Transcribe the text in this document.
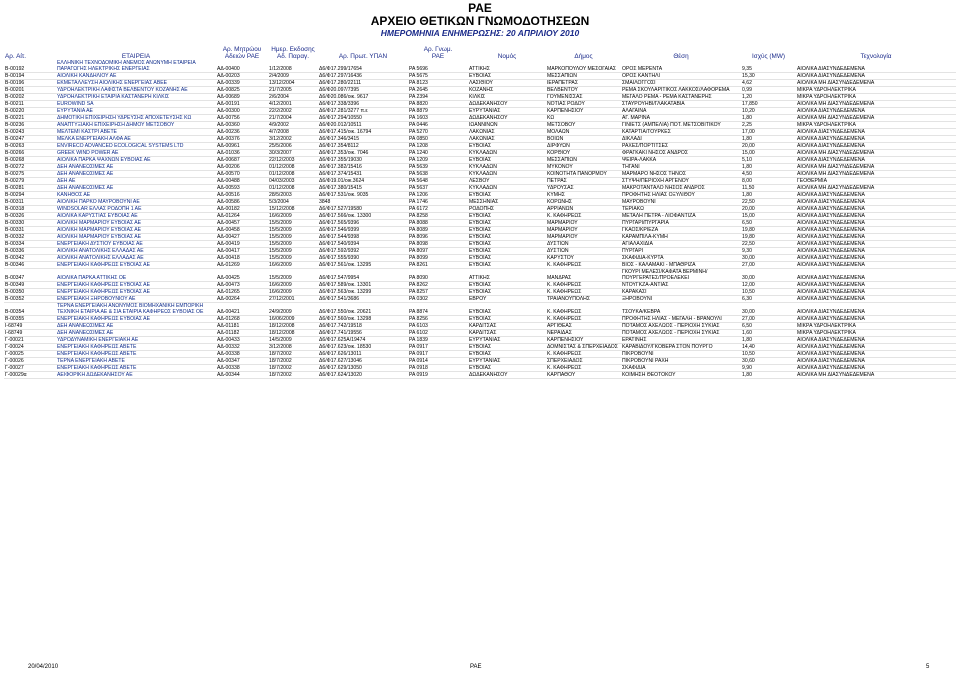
ΡΑΕ
ΑΡΧΕΙΟ ΘΕΤΙΚΩΝ ΓΝΩΜΟΔΟΤΗΣΕΩΝ
ΗΜΕΡΟΜΗΝΙΑ ΕΝΗΜΕΡΩΣΗΣ: 20 ΑΠΡΙΛΙΟΥ 2010
Αρ. Αίτ.	ΕΤΑΙΡΕΙΑ	Αρ. Μητρώου
Αδειών ΡΑΕ	Ημερ. Εκδοσης
Αδ. Παραγ.	Αρ. Πρωτ. ΥΠΑΝ	Αρ. Γνωμ.
ΡΑΕ	Νομός	Δήμος	Θέση	Ισχύς (MW)	Τεχνολογία
Β-00192	ΕΛΛΗΝΙΚΗ ΤΕΧΝΟΔΟΜΙΚΗ ΑΝΕΜΟΣ ΑΝΩΝΥΜΗ ΕΤΑΙΡΕΙΑ ΠΑΡΑΓΩΓΗΣ ΗΛΕΚΤΡΙΚΗΣ ΕΝΕΡΓΕΙΑΣ	ΑΔ-00400	1/12/2008	Δ6/Φ17.299/17654	ΡΑ 5696	ΑΤΤΙΚΗΣ	ΜΑΡΚΟΠΟΥΛΟΥ ΜΕΣΟΓΑΙΑΣ	ΟΡΟΣ ΜΕΡΕΝΤΑ	9,35	ΑΙΟΛΙΚΑ ΔΙΑΣΥΝΔΕΔΕΜΕΝΑ
Β-00194	ΑΙΟΛΙΚΗ ΚΑΝΔΗΛΙΟΥ ΑΕ	ΑΔ-00203	2/4/2009	Δ6/Φ17.297/16436	ΡΑ 5675	ΕΥΒΟΙΑΣ	ΜΕΣΣΑΠΙΩΝ	ΟΡΟΣ ΚΑΝΤΗΛΙ	15,30	ΑΙΟΛΙΚΑ ΔΙΑΣΥΝΔΕΔΕΜΕΝΑ
Β-00196	ΕΚΜΕΤΑΛΛΕΥΣΗ ΑΙΟΛΙΚΗΣ ΕΝΕΡΓΕΙΑΣ ΑΒΕΕ	ΑΔ-00339	13/12/2004	Δ6/Φ17.280/22111	ΡΑ 8123	ΛΑΣΙΘΙΟΥ	ΙΕΡΑΠΕΤΡΑΣ	ΣΜΑΙΛΟΓΓΟΣΙ	4,62	ΑΙΟΛΙΚΑ ΜΗ ΔΙΑΣΥΝΔΕΔΕΜΕΝΑ
Β-00201	ΥΔΡΟΗΛΕΚΤΡΙΚΗ ΛΑΦΙΣΤΑ ΒΕΛΒΕΝΤΟΥ ΚΟΖΑΝΗΣ ΑΕ	ΑΔ-00825	21/7/2005	Δ6/Φ20.097/7395	ΡΑ 2645	ΚΟΖΑΝΗΣ	ΒΕΛΒΕΝΤΟΥ	ΡΕΜΑ ΣΚΟΥΛΑΡΙΤΙΚΟΣ ΛΑΚΚΟΣ/ΛΑΦΟΡΕΜΑ	0,99	ΜΙΚΡΑ ΥΔΡΟΗΛΕΚΤΡΙΚΑ
Β-00202	ΥΔΡΟΗΛΕΚΤΡΙΚΗ ΕΤΑΙΡΙΑ ΚΑΣΤΑΝΕΡΗ ΚΙΛΚΙΣ	ΑΔ-00689	2/6/2004	Δ6/Φ20.086/οικ. 9617	ΡΑ 2394	ΚΙΛΚΙΣ	ΓΟΥΜΕΝΙΣΣΑΣ	ΜΕΓΑΛΟ ΡΕΜΑ - ΡΕΜΑ ΚΑΣΤΑΝΕΡΗΣ	1,20	ΜΙΚΡΑ ΥΔΡΟΗΛΕΚΤΡΙΚΑ
Β-00211	EUROWIND SA	ΑΔ-00191	4/12/2001	Δ6/Φ17.338/3396	ΡΑ 8820	ΔΩΔΕΚΑΝΗΣΟΥ	ΝΟΤΙΑΣ ΡΟΔΟΥ	ΣΤΑΥΡΟΥΗΒΙ/ΓΛΑΚΑΤΑΒΙΑ	17,850	ΑΙΟΛΙΚΑ ΜΗ ΔΙΑΣΥΝΔΕΔΕΜΕΝΑ
Β-00220	ΕΥΡΥΤΑΝΙΑ ΑΕ	ΑΔ-00300	22/2/2002	Δ6/Φ17.281/3277 π.ε	ΡΑ 8879	ΕΥΡΥΤΑΝΙΑΣ	ΚΑΡΠΕΝΗΣΙΟΥ	ΑΛΑΓΑΙΝΑ	10,20	ΑΙΟΛΙΚΑ ΔΙΑΣΥΝΔΕΔΕΜΕΝΑ
Β-00221	ΔΗΜΟΤΙΚΗ ΕΠΙΧΕΙΡΗΣΗ ΥΔΡΕΥΣΗΣ ΑΠΟΧΕΤΕΥΣΗΣ ΚΩ	ΑΔ-00756	21/7/2004	Δ6/Φ17.294/10550	ΡΑ 1603	ΔΩΔΕΚΑΝΗΣΟΥ	ΚΩ	ΑΓ. ΜΑΡΙΝΑ	1,80	ΑΙΟΛΙΚΑ ΜΗ ΔΙΑΣΥΝΔΕΔΕΜΕΝΑ
Β-00236	ΑΝΑΠΤΥΞΙΑΚΗ ΕΠΙΧΕΙΡΗΣΗ ΔΗΜΟΥ ΜΕΤΣΟΒΟΥ	ΑΔ-00360	4/9/2002	Δ6/Φ20.012/10511	ΡΑ 0446	ΙΩΑΝΝΙΝΩΝ	ΜΕΤΣΟΒΟΥ	ΓΙΝΙΕΤΣ (ΑΜΠΕΛΙΑ) ΠΟΤ. ΜΕΤΣΟΒΙΤΙΚΟΥ	2,25	ΜΙΚΡΑ ΥΔΡΟΗΛΕΚΤΡΙΚΑ
Β-00243	ΜΕΛΤΕΜΙ ΚΑΣΤΡΙ ΑΒΕΤΕ	ΑΔ-00236	4/7/2008	Δ6/Φ17.415/οικ. 16794	ΡΑ 5270	ΛΑΚΩΝΙΑΣ	ΜΟΛΑΩΝ	ΚΑΤΑΡΤΙΑ/ΤΟΥΡΚΕΣ	17,00	ΑΙΟΛΙΚΑ ΔΙΑΣΥΝΔΕΔΕΜΕΝΑ
Β-00247	ΜΕΛΚΑ ΕΝΕΡΓΕΙΑΚΗ ΑΛΦΑ ΑΕ	ΑΔ-00376	3/12/2002	Δ6/Φ17.346/3415	ΡΑ 0850	ΛΑΚΩΝΙΑΣ	ΒΟΙΩΝ	ΔΙΚΛΑΔΙ	1,80	ΑΙΟΛΙΚΑ ΔΙΑΣΥΝΔΕΔΕΜΕΝΑ
Β-00263	ENVIRECO ADVANCED ECOLOGICAL SYSTEMS LTD	ΑΔ-00961	25/5/2006	Δ6/Φ17.354/8112	ΡΑ 1208	ΕΥΒΟΙΑΣ	ΔΙΡΦΥΩΝ	ΡΑΧΕΣ/ΠΟΡΤΙΤΣΕΣ	20,00	ΑΙΟΛΙΚΑ ΔΙΑΣΥΝΔΕΔΕΜΕΝΑ
Β-00266	GREEK WIND POWER AE	ΑΔ-01036	30/3/2007	Δ6/Φ17.353/οικ. 7046	ΡΑ 1240	ΚΥΚΛΑΔΩΝ	ΚΟΡΘΙΟΥ	ΦΡΑΓΚΑΚΙ ΝΗΣΟΣ ΑΝΔΡΟΣ	15,00	ΑΙΟΛΙΚΑ ΜΗ ΔΙΑΣΥΝΔΕΔΕΜΕΝΑ
Β-00268	ΑΙΟΛΙΚΑ ΠΑΡΚΑ ΨΑΧΝΩΝ ΕΥΒΟΙΑΣ ΑΕ	ΑΔ-00687	22/12/2003	Δ6/Φ17.355/19030	ΡΑ 1209	ΕΥΒΟΙΑΣ	ΜΕΣΣΑΠΙΩΝ	ΨΕΙΡΑ-ΛΑΚΚΑ	5,10	ΑΙΟΛΙΚΑ ΔΙΑΣΥΝΔΕΔΕΜΕΝΑ
Β-00272	ΔΕΗ ΑΝΑΝΕΩΣΙΜΕΣ ΑΕ	ΑΔ-00206	01/12/2008	Δ6/Φ17.382/15416	ΡΑ 5639	ΚΥΚΛΑΔΩΝ	ΜΥΚΟΝΟΥ	ΤΗΓΑΝΙ	1,80	ΑΙΟΛΙΚΑ ΜΗ ΔΙΑΣΥΝΔΕΔΕΜΕΝΑ
Β-00275	ΔΕΗ ΑΝΑΝΕΩΣΙΜΕΣ ΑΕ	ΑΔ-00570	01/12/2008	Δ6/Φ17.374/15431	ΡΑ 5638	ΚΥΚΛΑΔΩΝ	ΚΟΙΝΟΤΗΤΑ ΠΑΝΟΡΜΟΥ	ΜΑΡΜΑΡΟ ΝΗΣΟΣ ΤΗΝΟΣ	4,50	ΑΙΟΛΙΚΑ ΜΗ ΔΙΑΣΥΝΔΕΔΕΜΕΝΑ
Β-00279	ΔΕΗ ΑΕ	ΑΔ-00488	04/03/2003	Δ6/Φ19.01/οικ.3624	ΡΑ 5648	ΛΕΣΒΟΥ	ΠΕΤΡΑΣ	ΣΤΥΨΗ/ΠΕΡΙΟΧΗ ΑΡΓΕΝΟΥ	8,00	ΓΕΟΘΕΡΜΙΑ
Β-00281	ΔΕΗ ΑΝΑΝΕΩΣΙΜΕΣ ΑΕ	ΑΔ-00593	01/12/2008	Δ6/Φ17.380/15415	ΡΑ 5637	ΚΥΚΛΑΔΩΝ	ΥΔΡΟΥΣΑΣ	ΜΑΚΡΟΤΑΝΤΑΛΟ ΝΗΣΟΣ ΑΝΔΡΟΣ	11,50	ΑΙΟΛΙΚΑ ΜΗ ΔΙΑΣΥΝΔΕΔΕΜΕΝΑ
Β-00294	ΚΑΝΗΘΟΣ ΑΕ	ΑΔ-00516	28/5/2003	Δ6/Φ17.531/οικ. 9035	ΡΑ 1206	ΕΥΒΟΙΑΣ	ΚΥΜΗΣ	ΠΡΟΦΗΤΗΣ ΗΛΙΑΣ ΟΞΥΛΙΘΟΥ	1,80	ΑΙΟΛΙΚΑ ΔΙΑΣΥΝΔΕΔΕΜΕΝΑ
Β-00311	ΑΙΟΛΙΚΗ ΠΑΡΚΟ ΜΑΥΡΟΒΟΥΝΙ ΑΕ	ΑΔ-00586	5/3/2004	3848	ΡΑ 1746	ΜΕΣΣΗΝΙΑΣ	ΚΟΡΩΝΗΣ	ΜΑΥΡΟΒΟΥΝΙ	22,50	ΑΙΟΛΙΚΑ ΔΙΑΣΥΝΔΕΔΕΜΕΝΑ
Β-00318	WINDSOLAR ΕΛΛΑΣ ΡΟΔΟΠΗ 1 ΑΕ	ΑΔ-00182	15/12/2008	Δ6/Φ17.527/19580	ΡΑ 6172	ΡΟΔΟΠΗΣ	ΑΡΡΙΑΝΩΝ	ΤΕΡΙΑΚΩ	20,00	ΑΙΟΛΙΚΑ ΔΙΑΣΥΝΔΕΔΕΜΕΝΑ
Β-00326	ΑΙΟΛΙΚΑ ΚΑΡΥΣΤΙΑΣ ΕΥΒΟΙΑΣ ΑΕ	ΑΔ-01264	16/6/2009	Δ6/Φ17.566/οικ. 13300	ΡΑ 8258	ΕΥΒΟΙΑΣ	Κ. ΚΑΦΗΡΕΩΣ	ΜΕΤΑΛΗ ΠΕΤΡΑ - ΛΙΟΦΑΝΤΙΖΑ	15,00	ΑΙΟΛΙΚΑ ΔΙΑΣΥΝΔΕΔΕΜΕΝΑ
Β-00330	ΑΙΟΛΙΚΗ ΜΑΡΜΑΡΙΟΥ ΕΥΒΟΙΑΣ ΑΕ	ΑΔ-00457	15/5/2009	Δ6/Φ17.565/9396	ΡΑ 8088	ΕΥΒΟΙΑΣ	ΜΑΡΜΑΡΙΟΥ	ΠΥΡΓΑΡΙ/ΠΥΡΓΑΡΙΑ	6,50	ΑΙΟΛΙΚΑ ΔΙΑΣΥΝΔΕΔΕΜΕΝΑ
Β-00331	ΑΙΟΛΙΚΗ ΜΑΡΜΑΡΙΟΥ ΕΥΒΟΙΑΣ ΑΕ	ΑΔ-00458	15/5/2009	Δ6/Φ17.546/9399	ΡΑ 8089	ΕΥΒΟΙΑΣ	ΜΑΡΜΑΡΙΟΥ	ΓΚΑΟΣ/ΚΡΙΕΖΑ	19,80	ΑΙΟΛΙΚΑ ΔΙΑΣΥΝΔΕΔΕΜΕΝΑ
Β-00332	ΑΙΟΛΙΚΗ ΜΑΡΜΑΡΙΟΥ ΕΥΒΟΙΑΣ ΑΕ	ΑΔ-00427	15/5/2009	Δ6/Φ17.544/9398	ΡΑ 8096	ΕΥΒΟΙΑΣ	ΜΑΡΜΑΡΙΟΥ	ΚΑΡΑΜΠΙΛΑ-ΚΥΜΗ	19,80	ΑΙΟΛΙΚΑ ΔΙΑΣΥΝΔΕΔΕΜΕΝΑ
Β-00334	ΕΝΕΡΓΕΙΑΚΗ ΔΥΣΤΙΟΥ ΕΥΒΟΙΑΣ ΑΕ	ΑΔ-00419	15/5/2009	Δ6/Φ17.540/9394	ΡΑ 8098	ΕΥΒΟΙΑΣ	ΔΥΣΤΙΩΝ	ΑΓΙΑΛΑΧΙΔΙΑ	22,50	ΑΙΟΛΙΚΑ ΔΙΑΣΥΝΔΕΔΕΜΕΝΑ
Β-00336	ΑΙΟΛΙΚΗ ΑΝΑΤΟΛΙΚΗΣ ΕΛΛΑΔΑΣ ΑΕ	ΑΔ-00417	15/5/2009	Δ6/Φ17.592/9392	ΡΑ 8097	ΕΥΒΟΙΑΣ	ΔΥΣΤΙΩΝ	ΠΥΡΓΑΡΙ	9,30	ΑΙΟΛΙΚΑ ΔΙΑΣΥΝΔΕΔΕΜΕΝΑ
Β-00342	ΑΙΟΛΙΚΗ ΑΝΑΤΟΛΙΚΗΣ ΕΛΛΑΔΑΣ ΑΕ	ΑΔ-00418	15/5/2009	Δ6/Φ17.555/9390	ΡΑ 8099	ΕΥΒΟΙΑΣ	ΚΑΡΥΣΤΟΥ	ΣΚΑΦΙΔΙΑ-ΚΥΡΤΑ	30,00	ΑΙΟΛΙΚΑ ΔΙΑΣΥΝΔΕΔΕΜΕΝΑ
Β-00346	ΕΝΕΡΓΕΙΑΚΗ ΚΑΦΗΡΕΩΣ ΕΥΒΟΙΑΣ ΑΕ	ΑΔ-01269	16/6/2009	Δ6/Φ17.561/οικ. 13295	ΡΑ 8261	ΕΥΒΟΙΑΣ	Κ. ΚΑΦΗΡΕΩΣ	ΒΙΟΣ - ΚΑΛΑΜΑΚΙ - ΜΠΑΘΡΙΖΑ	27,00	ΑΙΟΛΙΚΑ ΔΙΑΣΥΝΔΕΔΕΜΕΝΑ
Β-00347	ΑΙΟΛΙΚΑ ΠΑΡΚΑ ΑΤΤΙΚΗΣ ΟΕ	ΑΔ-00425	15/5/2009	Δ6/Φ17.547/9954	ΡΑ 8090	ΑΤΤΙΚΗΣ	ΜΑΝΔΡΑΣ	ΓΚΟΥΡΙ ΜΕΛΕΣΙ/ΚΑΦΑΤΑ ΒΕΡΜΙΝΗ/ΠΟΥΡΓΕΡΑΤΕΣ/ΠΡΟΕΛΕΚΕΙ	30,00	ΑΙΟΛΙΚΑ ΔΙΑΣΥΝΔΕΔΕΜΕΝΑ
Β-00349	ΕΝΕΡΓΕΙΑΚΗ ΚΑΦΗΡΕΩΣ ΕΥΒΟΙΑΣ ΑΕ	ΑΔ-00473	16/6/2009	Δ6/Φ17.589/οικ. 13301	ΡΑ 8262	ΕΥΒΟΙΑΣ	Κ. ΚΑΦΗΡΕΩΣ	ΝΤΟΥΓΚΖΑ-ΑΝΤΙΑΣ	12,00	ΑΙΟΛΙΚΑ ΔΙΑΣΥΝΔΕΔΕΜΕΝΑ
Β-00350	ΕΝΕΡΓΕΙΑΚΗ ΚΑΦΗΡΕΩΣ ΕΥΒΟΙΑΣ ΑΕ	ΑΔ-01265	16/6/2009	Δ6/Φ17.563/οικ. 13299	ΡΑ 8257	ΕΥΒΟΙΑΣ	Κ. ΚΑΦΗΡΕΩΣ	ΚΑΡΑΚΑΣΙ	10,50	ΑΙΟΛΙΚΑ ΔΙΑΣΥΝΔΕΔΕΜΕΝΑ
Β-00352	ΕΝΕΡΓΕΙΑΚΗ ΞΗΡΟΒΟΥΝΙΟΥ ΑΕ	ΑΔ-00264	27/12/2001	Δ6/Φ17.541/3686	ΡΑ 0302	ΕΒΡΟΥ	ΤΡΑΙΑΝΟΥΠΟΛΗΣ	ΞΗΡΟΒΟΥΝΙ	6,30	ΑΙΟΛΙΚΑ ΔΙΑΣΥΝΔΕΔΕΜΕΝΑ
Β-00354	ΤΕΡΝΑ ΕΝΕΡΓΕΙΑΚΗ ΑΝΩΝΥΜΟΣ ΒΙΟΜΗΧΑΝΙΚΗ ΕΜΠΟΡΙΚΗ ΤΕΧΝΙΚΗ ΕΤΑΙΡΙΑ ΑΕ & ΣΙΑ ΕΤΑΙΡΙΑ ΚΑΦΗΡΕΩΣ ΕΥΒΟΙΑΣ ΟΕ	ΑΔ-00421	24/9/2009	Δ6/Φ17.550/οικ. 20621	ΡΑ 8874	ΕΥΒΟΙΑΣ	Κ. ΚΑΦΗΡΕΩΣ	ΤΣΟΥΚΑ/ΚΕΒΡΑ	30,00	ΑΙΟΛΙΚΑ ΔΙΑΣΥΝΔΕΔΕΜΕΝΑ
Β-00355	ΕΝΕΡΓΕΙΑΚΗ ΚΑΦΗΡΕΩΣ ΕΥΒΟΙΑΣ ΑΕ	ΑΔ-01268	16/06/2009	Δ6/Φ17.560/οικ. 13298	ΡΑ 8256	ΕΥΒΟΙΑΣ	Κ. ΚΑΦΗΡΕΩΣ	ΠΡΟΦΗΤΗΣ ΗΛΙΑΣ - ΜΕΓΑΛΗ - ΒΡΑΝΟΥΛΙ	27,00	ΑΙΟΛΙΚΑ ΔΙΑΣΥΝΔΕΔΕΜΕΝΑ
Ι-68749	ΔΕΗ ΑΝΑΝΕΩΣΙΜΕΣ ΑΕ	ΑΔ-01181	18/12/2008	Δ6/Φ17.742/19518	ΡΑ 6103	ΚΑΡΔΙΤΣΑΣ	ΑΡΓΙΘΕΑΣ	ΠΟΤΑΜΟΣ ΑΧΕΛΩΟΣ - ΠΕΡΙΟΧΗ ΣΥΚΙΑΣ	6,50	ΜΙΚΡΑ ΥΔΡΟΗΛΕΚΤΡΙΚΑ
Ι-68749	ΔΕΗ ΑΝΑΝΕΩΣΙΜΕΣ ΑΕ	ΑΔ-01182	18/12/2008	Δ6/Φ17.741/19556	ΡΑ 6102	ΚΑΡΔΙΤΣΑΣ	ΝΕΡΑΙΔΑΣ	ΠΟΤΑΜΟΣ ΑΧΕΛΩΟΣ - ΠΕΡΙΟΧΗ ΣΥΚΙΑΣ	1,60	ΜΙΚΡΑ ΥΔΡΟΗΛΕΚΤΡΙΚΑ
Γ-00021	ΥΔΡΟΔΥΝΑΜΙΚΗ ΕΝΕΡΓΕΙΑΚΗ ΑΕ	ΑΔ-00433	14/5/2009	Δ6/Φ17.625Α/19474	ΡΑ 1839	ΕΥΡΥΤΑΝΙΑΣ	ΚΑΡΠΕΝΗΣΙΟΥ	ΕΡΑΤΙΝΗΣ	1,80	ΑΙΟΛΙΚΑ ΔΙΑΣΥΝΔΕΔΕΜΕΝΑ
Γ-00024	ΕΝΕΡΓΕΙΑΚΗ ΚΑΦΗΡΕΩΣ ΑΒΕΤΕ	ΑΔ-00332	3/12/2008	Δ6/Φ17.623/οικ. 18530	ΡΑ 0917	ΕΥΒΟΙΑΣ	ΔΟΜΝΙΣΤΑΣ & ΣΠΕΡΧΕΙΑΔΟΣ	ΚΑΡΑΒΙΔΟΥ/ΓΚΟΒΕΡΑ ΣΤΟΝ ΠΟΥΡΓΟ	14,40	ΑΙΟΛΙΚΑ ΔΙΑΣΥΝΔΕΔΕΜΕΝΑ
Γ-00025	ΕΝΕΡΓΕΙΑΚΗ ΚΑΦΗΡΕΩΣ ΑΒΕΤΕ	ΑΔ-00338	18/7/2002	Δ6/Φ17.626/13011	ΡΑ 0917	ΕΥΒΟΙΑΣ	Κ. ΚΑΦΗΡΕΩΣ	ΠΙΚΡΟΒΟΥΝΙ	10,50	ΑΙΟΛΙΚΑ ΔΙΑΣΥΝΔΕΔΕΜΕΝΑ
Γ-00026	ΤΕΡΝΑ ΕΝΕΡΓΕΙΑΚΗ ΑΒΕΤΕ	ΑΔ-00347	18/7/2002	Δ6/Φ17.627/13046	ΡΑ 0914	ΕΥΡΥΤΑΝΙΑΣ	ΣΠΕΡΧΕΙΑΔΟΣ	ΠΙΚΡΟΒΟΥΝΙ ΡΑΧΗ	30,60	ΑΙΟΛΙΚΑ ΔΙΑΣΥΝΔΕΔΕΜΕΝΑ
Γ-00027	ΕΝΕΡΓΕΙΑΚΗ ΚΑΦΗΡΕΩΣ ΑΒΕΤΕ	ΑΔ-00338	18/7/2002	Δ6/Φ17.629/13050	ΡΑ 0918	ΕΥΒΟΙΑΣ	Κ. ΚΑΦΗΡΕΩΣ	ΣΚΑΦΙΔΙΑ	9,90	ΑΙΟΛΙΚΑ ΔΙΑΣΥΝΔΕΔΕΜΕΝΑ
Γ-00029α	ΑΕΙΦΟΡΙΚΗ ΔΩΔΕΚΑΝΗΣΟΥ ΑΕ	ΑΔ-00344	18/7/2002	Δ6/Φ17.624/13020	ΡΑ 0919	ΔΩΔΕΚΑΝΗΣΟΥ	ΚΑΡΠΑΘΟΥ	ΚΟΙΜΗΣΗ ΘΕΟΤΟΚΟΥ	1,80	ΑΙΟΛΙΚΑ ΜΗ ΔΙΑΣΥΝΔΕΔΕΜΕΝΑ
20/04/2010	ΡΑΕ	5
